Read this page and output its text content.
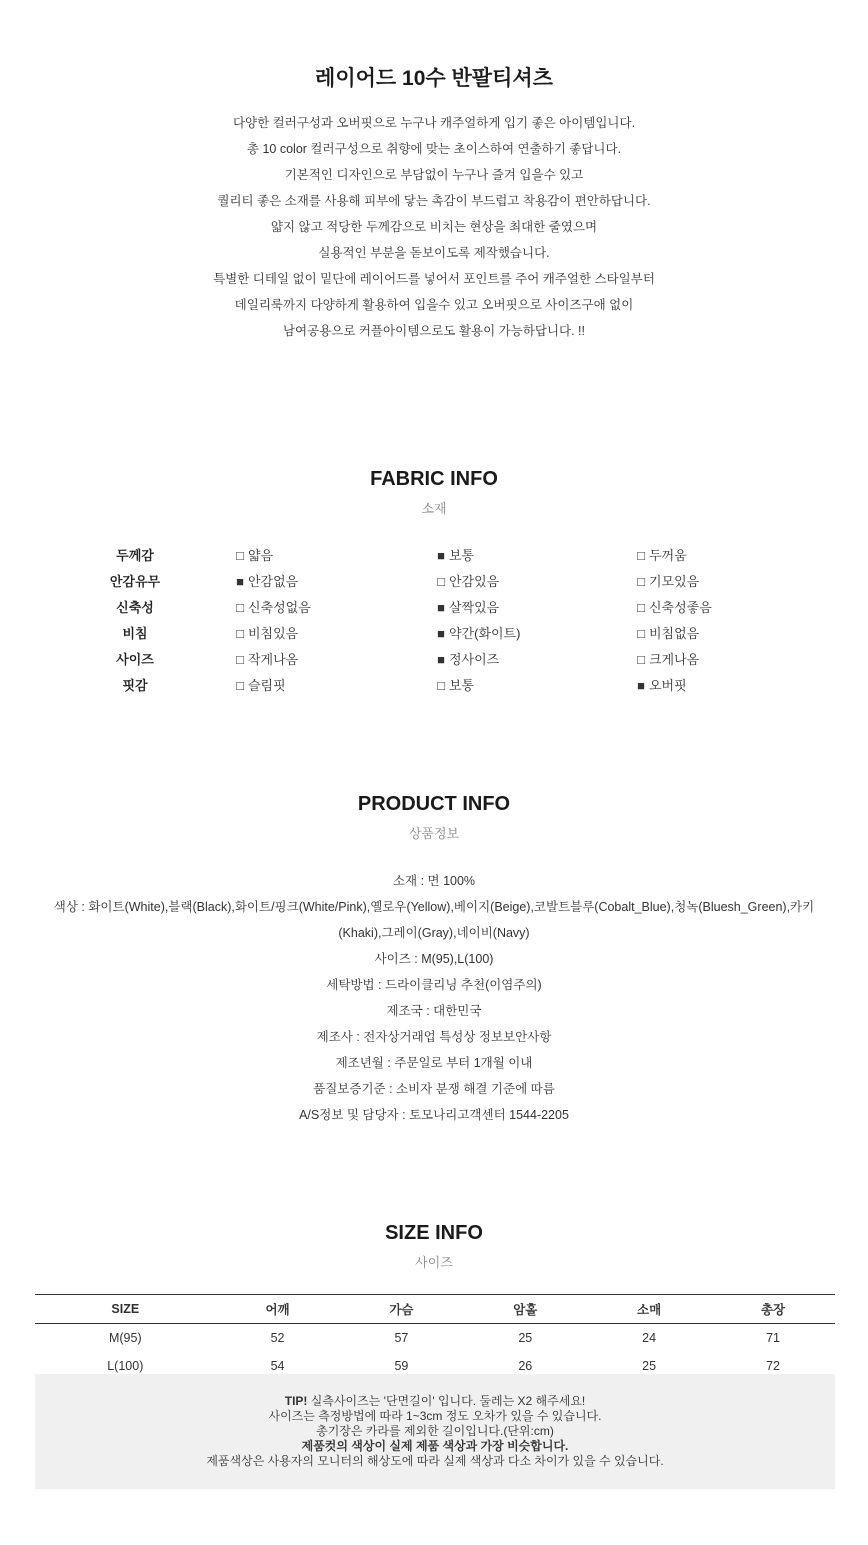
레이어드 10수 반팔티셔츠
다양한 컬러구성과 오버핏으로 누구나 캐주얼하게 입기 좋은 아이템입니다.
총 10 color 컬러구성으로 취향에 맞는 초이스하여 연출하기 좋답니다.
기본적인 디자인으로 부담없이 누구나 즐겨 입을수 있고
퀄리티 좋은 소재를 사용해 피부에 닿는 촉감이 부드럽고 착용감이 편안하답니다.
얇지 않고 적당한 두께감으로 비치는 현상을 최대한 줄였으며
실용적인 부분을 돋보이도록 제작했습니다.
특별한 디테일 없이 밑단에 레이어드를 넣어서 포인트를 주어 캐주얼한 스타일부터
데일리룩까지 다양하게 활용하여 입을수 있고 오버핏으로 사이즈구애 없이
남여공용으로 커플아이템으로도 활용이 가능하답니다. !!
FABRIC INFO
소재
두께감	□ 얇음	■ 보통	□ 두꺼움
안감유무	■ 안감없음	□ 안감있음	□ 기모있음
신축성	□ 신축성없음	■ 살짝있음	□ 신축성좋음
비침	□ 비침있음	■ 약간(화이트)	□ 비침없음
사이즈	□ 작게나옴	■ 정사이즈	□ 크게나옴
핏감	□ 슬림핏	□ 보통	■ 오버핏
PRODUCT INFO
상품정보
소재 : 면 100%
색상 : 화이트(White),블랙(Black),화이트/핑크(White/Pink),옐로우(Yellow),베이지(Beige),코발트블루(Cobalt_Blue),청녹(Bluesh_Green),카키
(Khaki),그레이(Gray),네이비(Navy)
사이즈 : M(95),L(100)
세탁방법 : 드라이클리닝 추천(이염주의)
제조국 : 대한민국
제조사 : 전자상거래업 특성상 정보보안사항
제조년월 : 주문일로 부터 1개월 이내
품질보증기준 : 소비자 분쟁 해결 기준에 따름
A/S정보 및 담당자 : 토모나리고객센터 1544-2205
SIZE INFO
사이즈
SIZE	어깨	가슴	암홀	소매	총장
M(95)	52	57	25	24	71
L(100)	54	59	26	25	72
TIP! 실측사이즈는 '단면길이' 입니다. 둘레는 X2 해주세요!
사이즈는 측정방법에 따라 1~3cm 정도 오차가 있을 수 있습니다.
총기장은 카라를 제외한 길이입니다.(단위:cm)
제품컷의 색상이 실제 제품 색상과 가장 비슷합니다.
제품색상은 사용자의 모니터의 해상도에 따라 실제 색상과 다소 차이가 있을 수 있습니다.
